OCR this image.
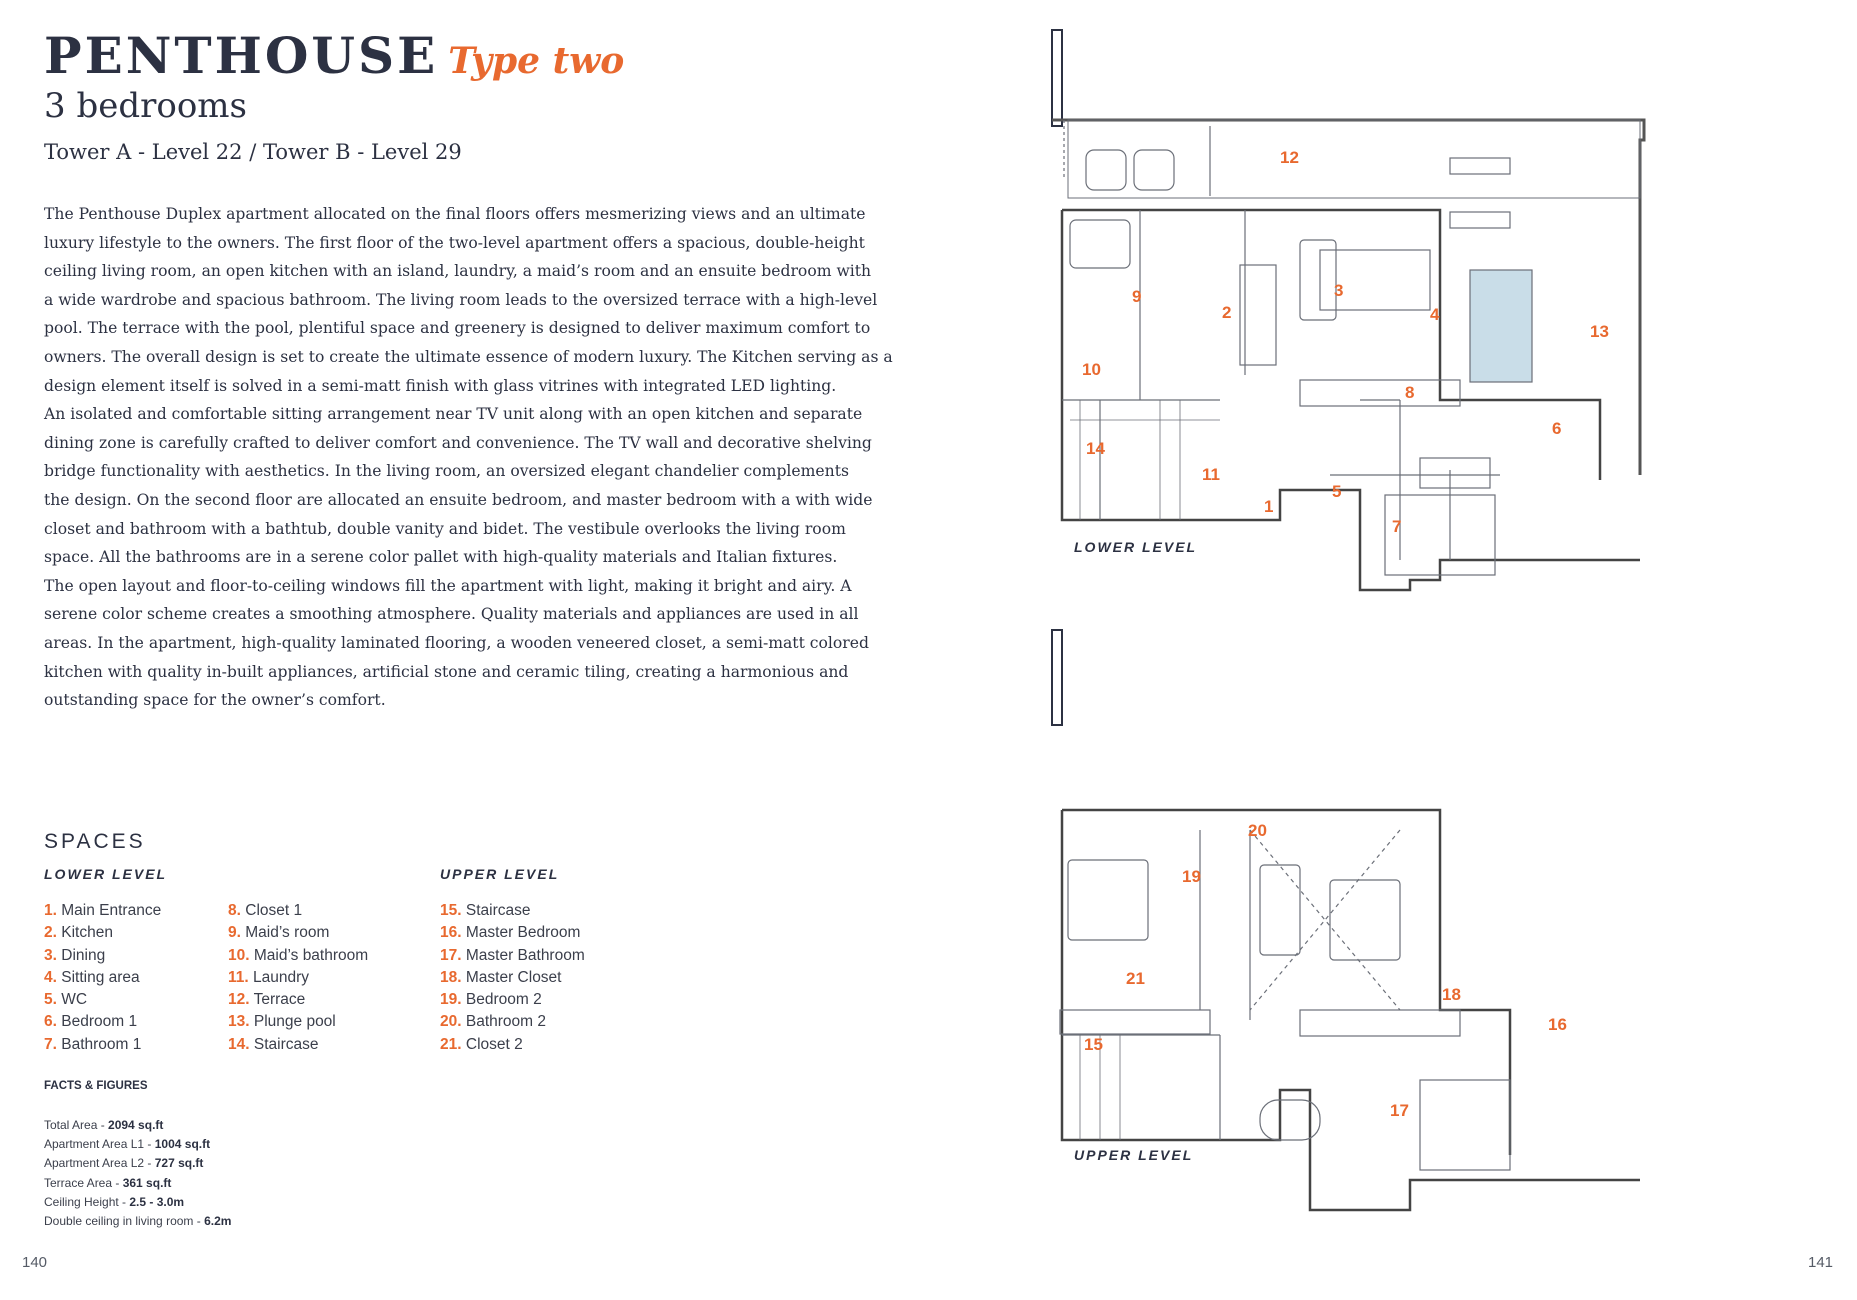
PENTHOUSE Type two
3 bedrooms
Tower A - Level 22 / Tower B - Level 29
The Penthouse Duplex apartment allocated on the final floors offers mesmerizing views and an ultimate
luxury lifestyle to the owners. The first floor of the two-level apartment offers a spacious, double-height
ceiling living room, an open kitchen with an island, laundry, a maid’s room and an ensuite bedroom with
a wide wardrobe and spacious bathroom. The living room leads to the oversized terrace with a high-level
pool. The terrace with the pool, plentiful space and greenery is designed to deliver maximum comfort to
owners. The overall design is set to create the ultimate essence of modern luxury. The Kitchen serving as a
design element itself is solved in a semi-matt finish with glass vitrines with integrated LED lighting.
An isolated and comfortable sitting arrangement near TV unit along with an open kitchen and separate
dining zone is carefully crafted to deliver comfort and convenience. The TV wall and decorative shelving
bridge functionality with aesthetics. In the living room, an oversized elegant chandelier complements
the design. On the second floor are allocated an ensuite bedroom, and master bedroom with a with wide
closet and bathroom with a bathtub, double vanity and bidet. The vestibule overlooks the living room
space. All the bathrooms are in a serene color pallet with high-quality materials and Italian fixtures.
The open layout and floor-to-ceiling windows fill the apartment with light, making it bright and airy. A
serene color scheme creates a smoothing atmosphere. Quality materials and appliances are used in all
areas. In the apartment, high-quality laminated flooring, a wooden veneered closet, a semi-matt colored
kitchen with quality in-built appliances, artificial stone and ceramic tiling, creating a harmonious and
outstanding space for the owner’s comfort.
SPACES
LOWER LEVEL	UPPER LEVEL
1. Main Entrance
2. Kitchen
3. Dining
4. Sitting area
5. WC
6. Bedroom 1
7. Bathroom 1
8. Closet 1
9. Maid’s room
10. Maid’s bathroom
11. Laundry
12. Terrace
13. Plunge pool
14. Staircase
15. Staircase
16. Master Bedroom
17. Master Bathroom
18. Master Closet
19. Bedroom 2
20. Bathroom 2
21. Closet 2
FACTS & FIGURES
Total Area - 2094 sq.ft
Apartment Area L1 - 1004 sq.ft
Apartment Area L2 - 727 sq.ft
Terrace Area - 361 sq.ft
Ceiling Height - 2.5 - 3.0m
Double ceiling in living room - 6.2m
140	141
12
9
2
3
4
13
10
8
6
14
11
1
5
7
LOWER LEVEL
20
19
21
18
16
15
17
UPPER LEVEL
